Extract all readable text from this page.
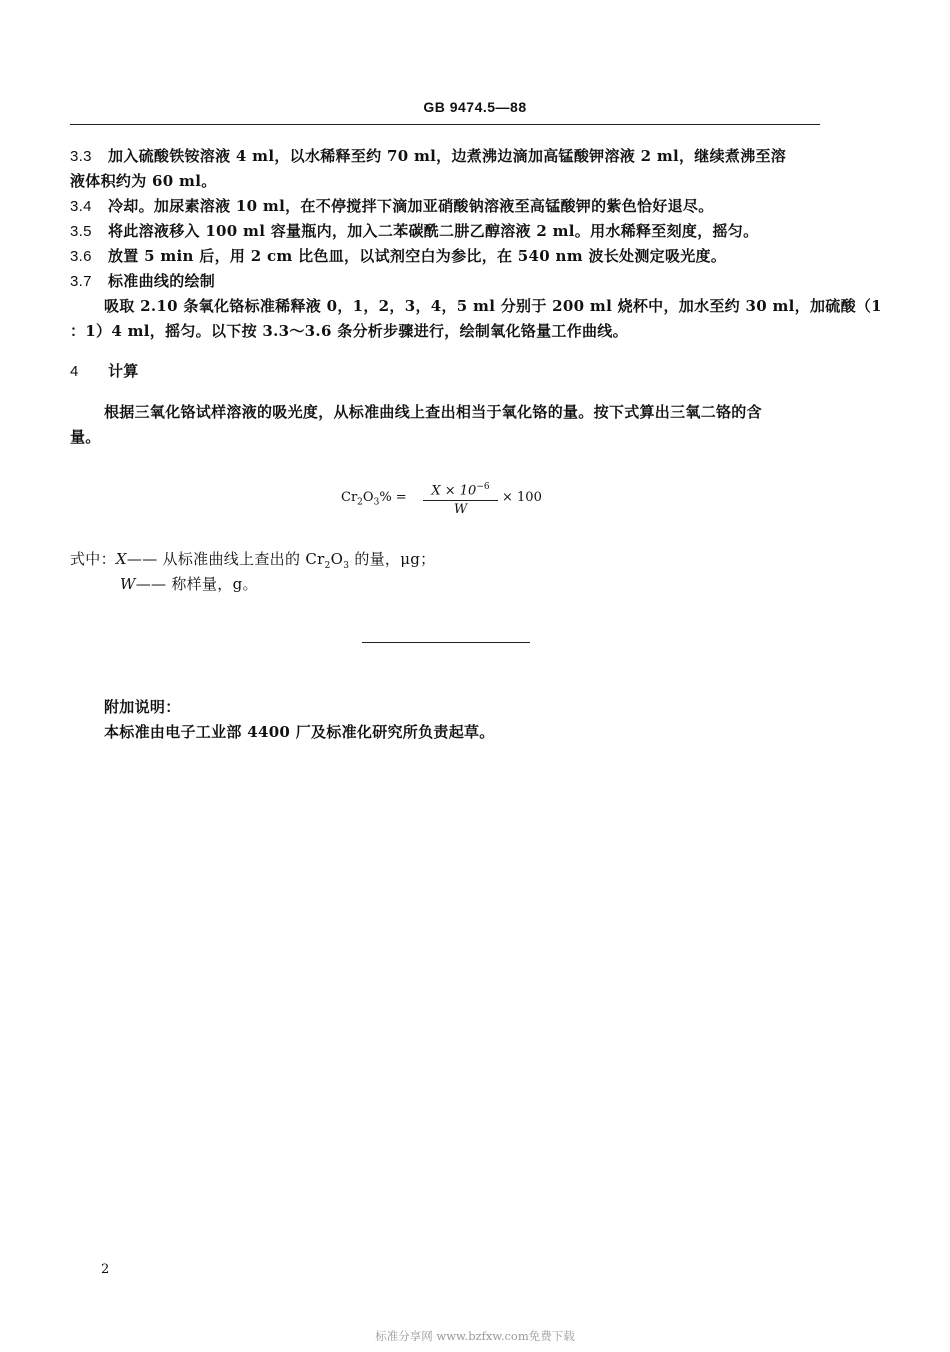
GB 9474.5—88
3.3 加入硫酸铁铵溶液 4 ml，以水稀释至约 70 ml，边煮沸边滴加高锰酸钾溶液 2 ml，继续煮沸至溶
液体积约为 60 ml。
3.4 冷却。加尿素溶液 10 ml，在不停搅拌下滴加亚硝酸钠溶液至高锰酸钾的紫色恰好退尽。
3.5 将此溶液移入 100 ml 容量瓶内，加入二苯碳酰二肼乙醇溶液 2 ml。用水稀释至刻度，摇匀。
3.6 放置 5 min 后，用 2 cm 比色皿，以试剂空白为参比，在 540 nm 波长处测定吸光度。
3.7 标准曲线的绘制
吸取 2.10 条氧化铬标准稀释液 0，1，2，3，4，5 ml 分别于 200 ml 烧杯中，加水至约 30 ml，加硫酸（1
：1）4 ml，摇匀。以下按 3.3～3.6 条分析步骤进行，绘制氧化铬量工作曲线。
4 计算
根据三氧化铬试样溶液的吸光度，从标准曲线上查出相当于氧化铬的量。按下式算出三氧二铬的含
量。
$Cr_2O_3\% = \frac{X \times 10^{-6}}{W} \times 100$
式中：X—— 从标准曲线上查出的 $Cr_2O_3$ 的量，μg；
W—— 称样量，g。
附加说明：
本标准由电子工业部 4400 厂及标准化研究所负责起草。
2
标准分享网 www.bzfxw.com免费下载
